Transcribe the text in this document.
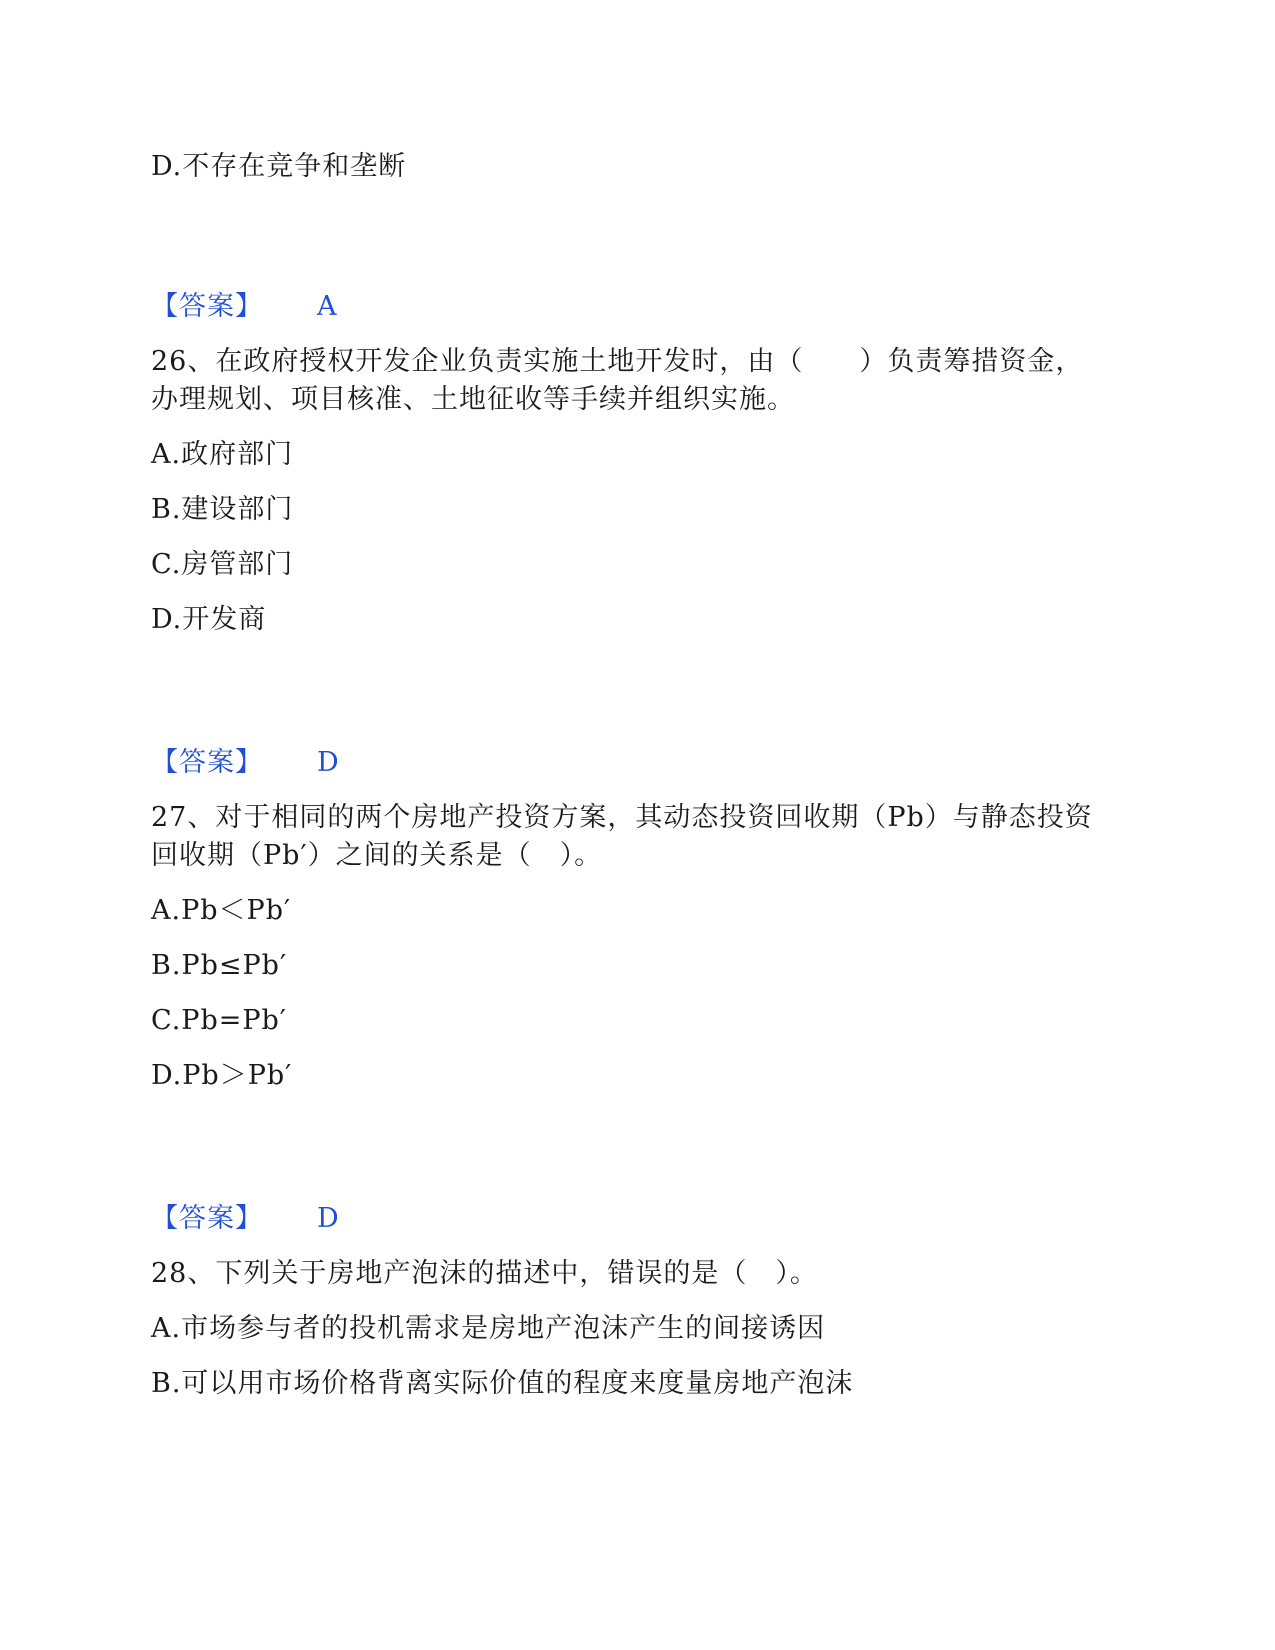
D.不存在竞争和垄断
【答案】 A
26、在政府授权开发企业负责实施土地开发时，由（　　）负责筹措资金，
办理规划、项目核准、土地征收等手续并组织实施。
A.政府部门
B.建设部门
C.房管部门
D.开发商
【答案】 D
27、对于相同的两个房地产投资方案，其动态投资回收期（Pb）与静态投资
回收期（Pb′）之间的关系是（　）。
A.Pb＜Pb′
B.Pb≤Pb′
C.Pb=Pb′
D.Pb＞Pb′
【答案】 D
28、下列关于房地产泡沫的描述中，错误的是（　）。
A.市场参与者的投机需求是房地产泡沫产生的间接诱因
B.可以用市场价格背离实际价值的程度来度量房地产泡沫
